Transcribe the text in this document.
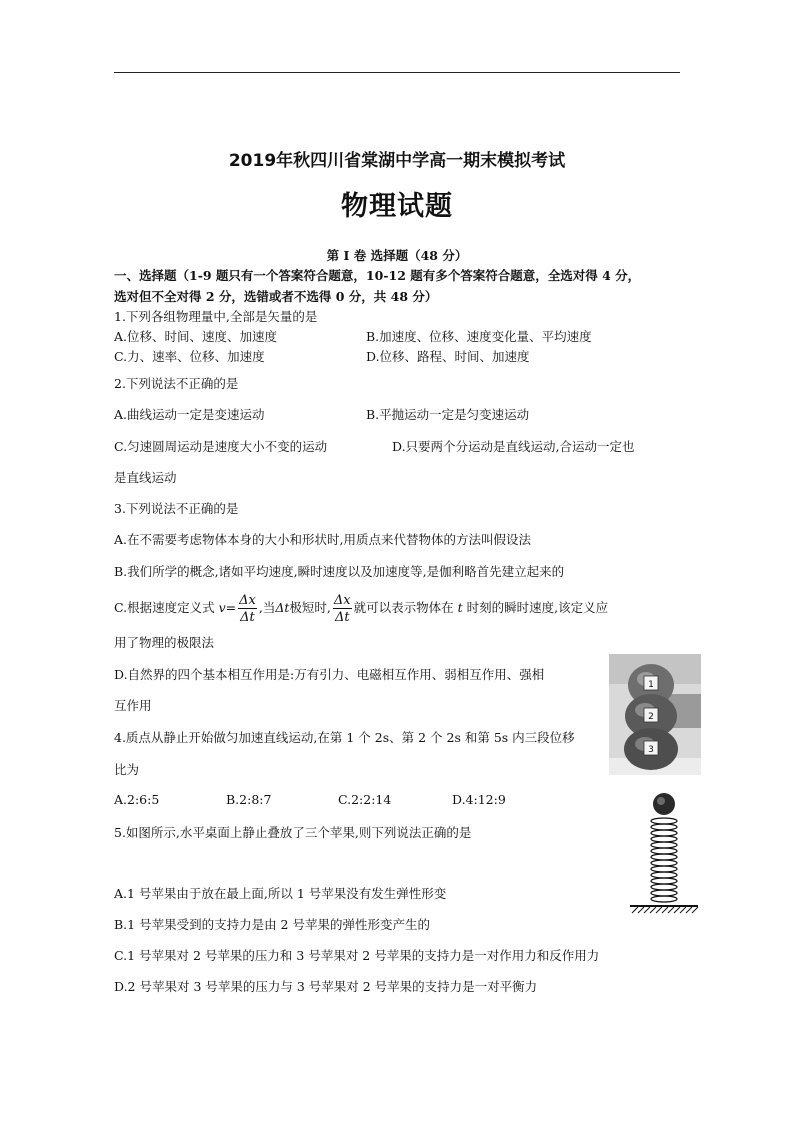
2019年秋四川省棠湖中学高一期末模拟考试
物理试题
第 I 卷 选择题（48 分）
一、选择题（1-9 题只有一个答案符合题意，10-12 题有多个答案符合题意，全选对得 4 分，
选对但不全对得 2 分，选错或者不选得 0 分，共 48 分）
1.下列各组物理量中,全部是矢量的是
A.位移、时间、速度、加速度	B.加速度、位移、速度变化量、平均速度
C.力、速率、位移、加速度	D.位移、路程、时间、加速度
2.下列说法不正确的是
A.曲线运动一定是变速运动	B.平抛运动一定是匀变速运动
C.匀速圆周运动是速度大小不变的运动	D.只要两个分运动是直线运动,合运动一定也
是直线运动
3.下列说法不正确的是
A.在不需要考虑物体本身的大小和形状时,用质点来代替物体的方法叫假设法
B.我们所学的概念,诸如平均速度,瞬时速度以及加速度等,是伽利略首先建立起来的
C.根据速度定义式 $v= \frac{\Delta x}{\Delta t}$ ,当Δt极短时, $\frac{\Delta x}{\Delta t}$ 就可以表示物体在 t 时刻的瞬时速度,该定义应
用了物理的极限法
D.自然界的四个基本相互作用是:万有引力、电磁相互作用、弱相互作用、强相
互作用
4.质点从静止开始做匀加速直线运动,在第 1 个 2s、第 2 个 2s 和第 5s 内三段位移
比为
A.2:6:5	B.2:8:7	C.2:2:14	D.4:12:9
5.如图所示,水平桌面上静止叠放了三个苹果,则下列说法正确的是
A.1 号苹果由于放在最上面,所以 1 号苹果没有发生弹性形变
B.1 号苹果受到的支持力是由 2 号苹果的弹性形变产生的
C.1 号苹果对 2 号苹果的压力和 3 号苹果对 2 号苹果的支持力是一对作用力和反作用力
D.2 号苹果对 3 号苹果的压力与 3 号苹果对 2 号苹果的支持力是一对平衡力
1
2
3
